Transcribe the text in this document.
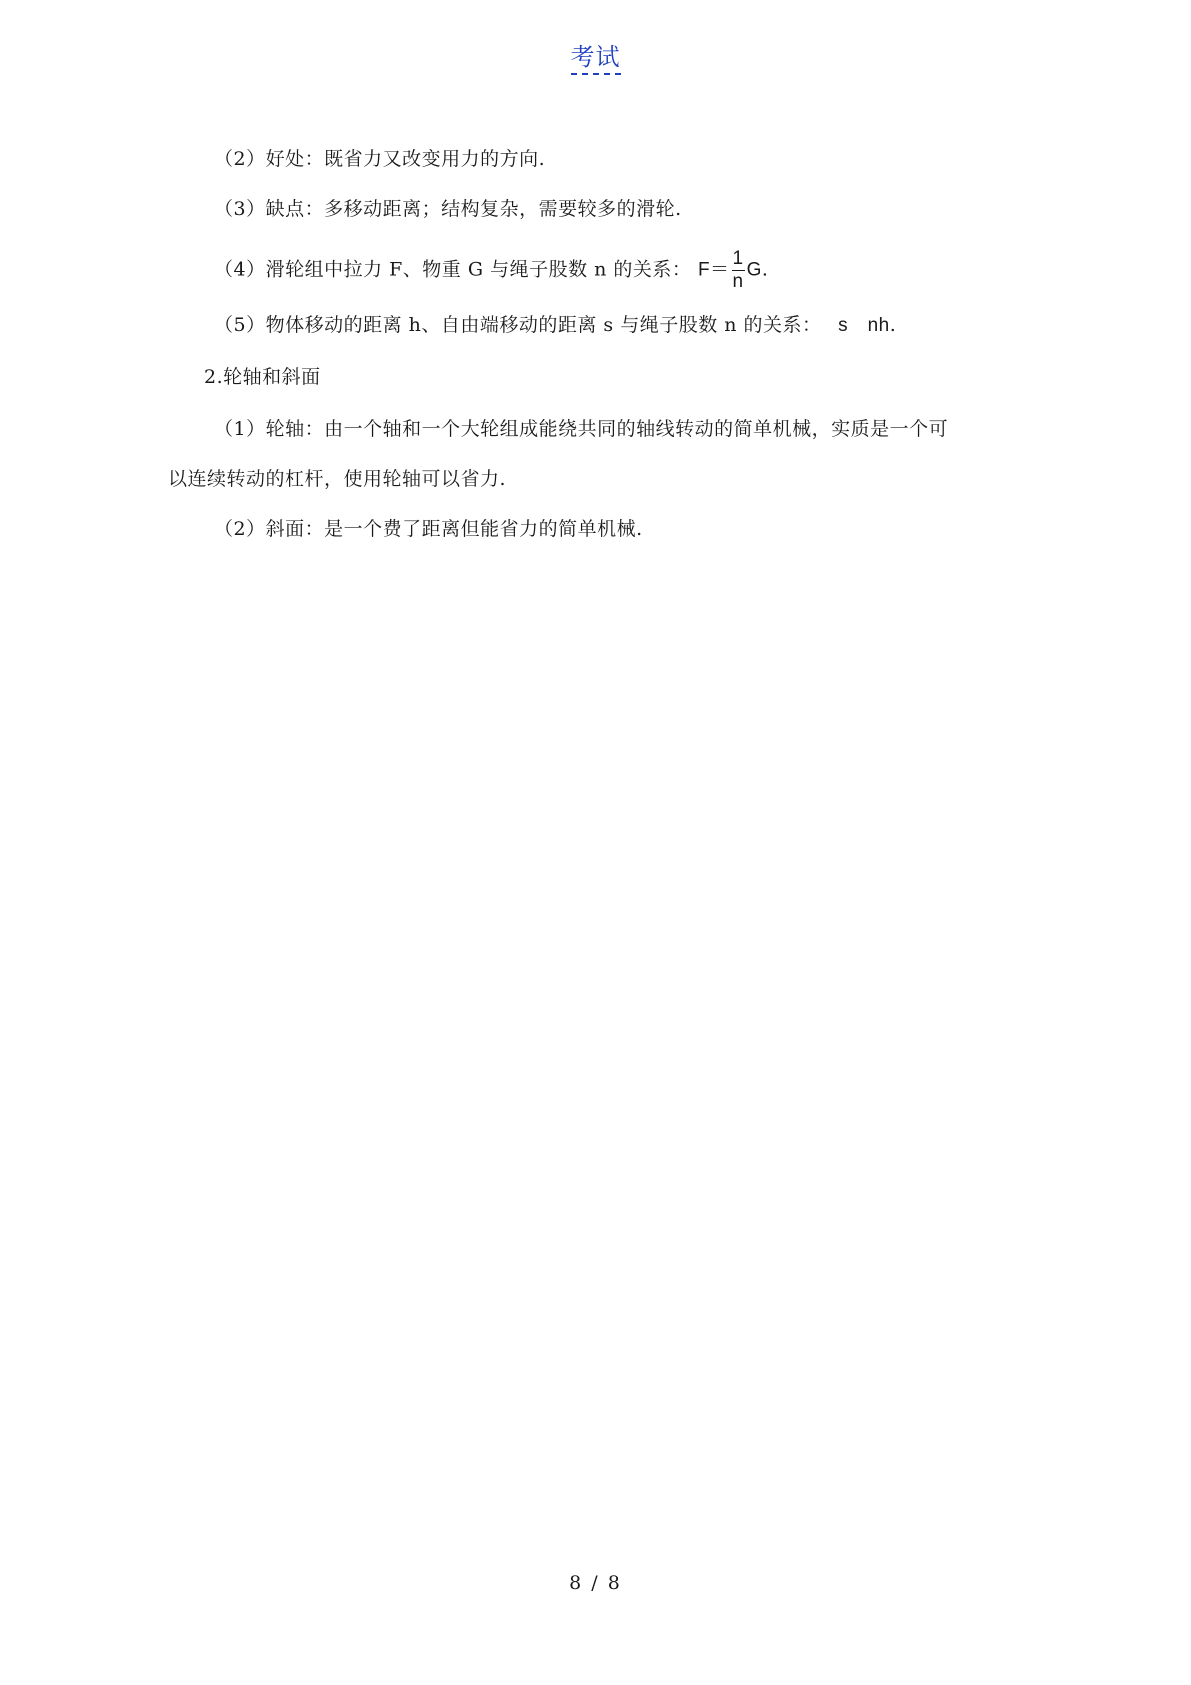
考试
（2）好处：既省力又改变用力的方向.
（3）缺点：多移动距离；结构复杂，需要较多的滑轮.
（4）滑轮组中拉力 F、物重 G 与绳子股数 n 的关系： $F= \frac{1}{n} G$.
（5）物体移动的距离 h、自由端移动的距离 s 与绳子股数 n 的关系： s　nh.
2.轮轴和斜面
（1）轮轴：由一个轴和一个大轮组成能绕共同的轴线转动的简单机械，实质是一个可
以连续转动的杠杆，使用轮轴可以省力.
（2）斜面：是一个费了距离但能省力的简单机械.
8 / 8
